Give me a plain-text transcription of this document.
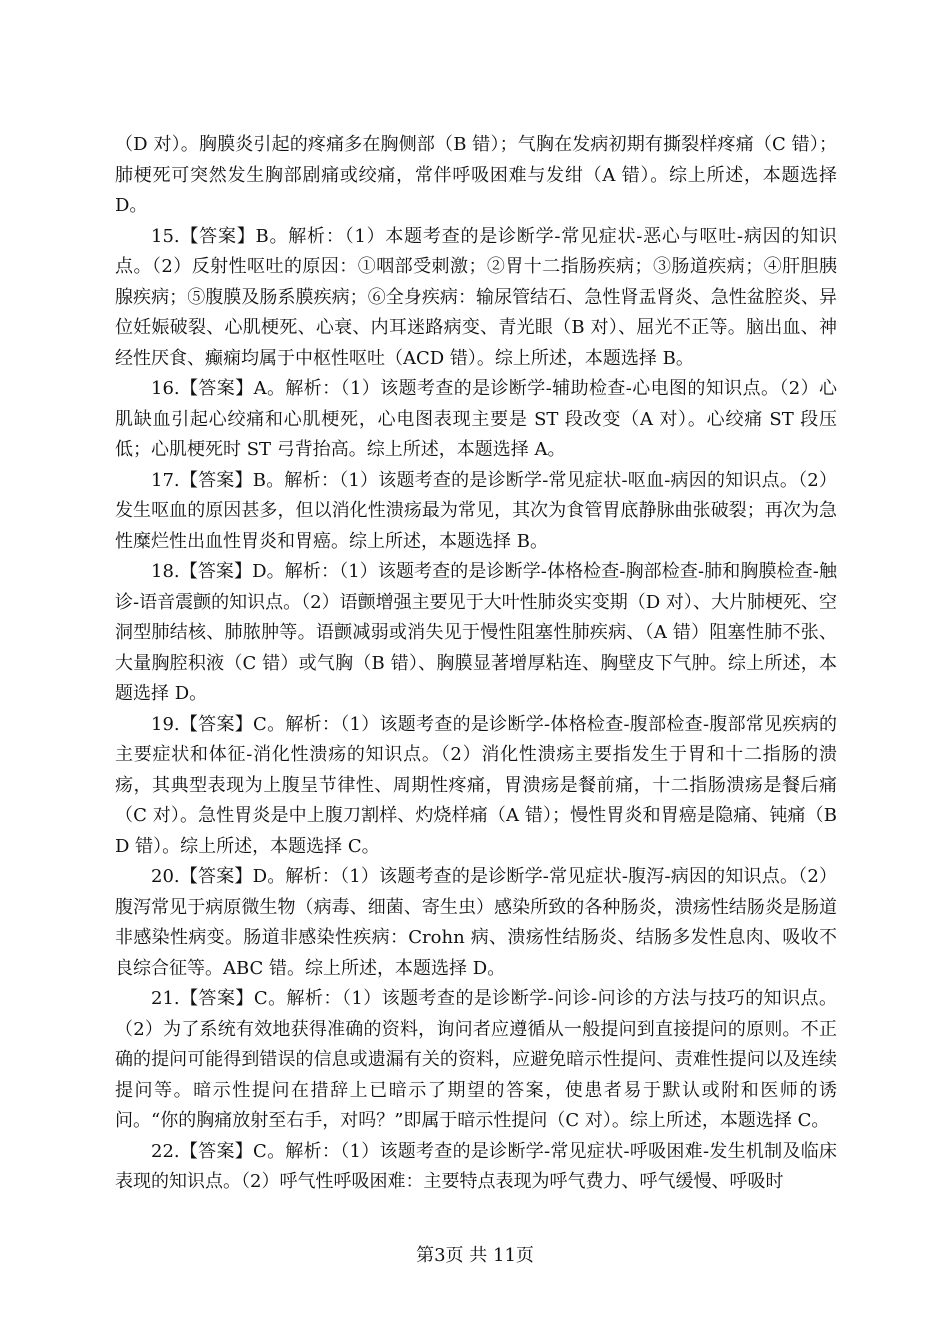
（D 对）。胸膜炎引起的疼痛多在胸侧部（B 错）；气胸在发病初期有撕裂样疼痛（C 错）；肺梗死可突然发生胸部剧痛或绞痛，常伴呼吸困难与发绀（A 错）。综上所述，本题选择 D。

15.【答案】B。解析：（1）本题考查的是诊断学-常见症状-恶心与呕吐-病因的知识点。（2）反射性呕吐的原因：①咽部受刺激；②胃十二指肠疾病；③肠道疾病；④肝胆胰腺疾病；⑤腹膜及肠系膜疾病；⑥全身疾病：输尿管结石、急性肾盂肾炎、急性盆腔炎、异位妊娠破裂、心肌梗死、心衰、内耳迷路病变、青光眼（B 对）、屈光不正等。脑出血、神经性厌食、癫痫均属于中枢性呕吐（ACD 错）。综上所述，本题选择 B。

16.【答案】A。解析：（1）该题考查的是诊断学-辅助检查-心电图的知识点。（2）心肌缺血引起心绞痛和心肌梗死，心电图表现主要是 ST 段改变（A 对）。心绞痛 ST 段压低；心肌梗死时 ST 弓背抬高。综上所述，本题选择 A。

17.【答案】B。解析：（1）该题考查的是诊断学-常见症状-呕血-病因的知识点。（2）发生呕血的原因甚多，但以消化性溃疡最为常见，其次为食管胃底静脉曲张破裂；再次为急性糜烂性出血性胃炎和胃癌。综上所述，本题选择 B。

18.【答案】D。解析：（1）该题考查的是诊断学-体格检查-胸部检查-肺和胸膜检查-触诊-语音震颤的知识点。（2）语颤增强主要见于大叶性肺炎实变期（D 对）、大片肺梗死、空洞型肺结核、肺脓肿等。语颤减弱或消失见于慢性阻塞性肺疾病、（A 错）阻塞性肺不张、大量胸腔积液（C 错）或气胸（B 错）、胸膜显著增厚粘连、胸壁皮下气肿。综上所述，本题选择 D。

19.【答案】C。解析：（1）该题考查的是诊断学-体格检查-腹部检查-腹部常见疾病的主要症状和体征-消化性溃疡的知识点。（2）消化性溃疡主要指发生于胃和十二指肠的溃疡，其典型表现为上腹呈节律性、周期性疼痛，胃溃疡是餐前痛，十二指肠溃疡是餐后痛（C 对）。急性胃炎是中上腹刀割样、灼烧样痛（A 错）；慢性胃炎和胃癌是隐痛、钝痛（BD 错）。综上所述，本题选择 C。

20.【答案】D。解析：（1）该题考查的是诊断学-常见症状-腹泻-病因的知识点。（2）腹泻常见于病原微生物（病毒、细菌、寄生虫）感染所致的各种肠炎，溃疡性结肠炎是肠道非感染性病变。肠道非感染性疾病：Crohn 病、溃疡性结肠炎、结肠多发性息肉、吸收不良综合征等。ABC 错。综上所述，本题选择 D。

21.【答案】C。解析：（1）该题考查的是诊断学-问诊-问诊的方法与技巧的知识点。（2）为了系统有效地获得准确的资料，询问者应遵循从一般提问到直接提问的原则。不正确的提问可能得到错误的信息或遗漏有关的资料，应避免暗示性提问、责难性提问以及连续提问等。暗示性提问在措辞上已暗示了期望的答案，使患者易于默认或附和医师的诱问。“你的胸痛放射至右手，对吗？”即属于暗示性提问（C 对）。综上所述，本题选择 C。

22.【答案】C。解析：（1）该题考查的是诊断学-常见症状-呼吸困难-发生机制及临床表现的知识点。（2）呼气性呼吸困难：主要特点表现为呼气费力、呼气缓慢、呼吸时

第3页 共 11页
